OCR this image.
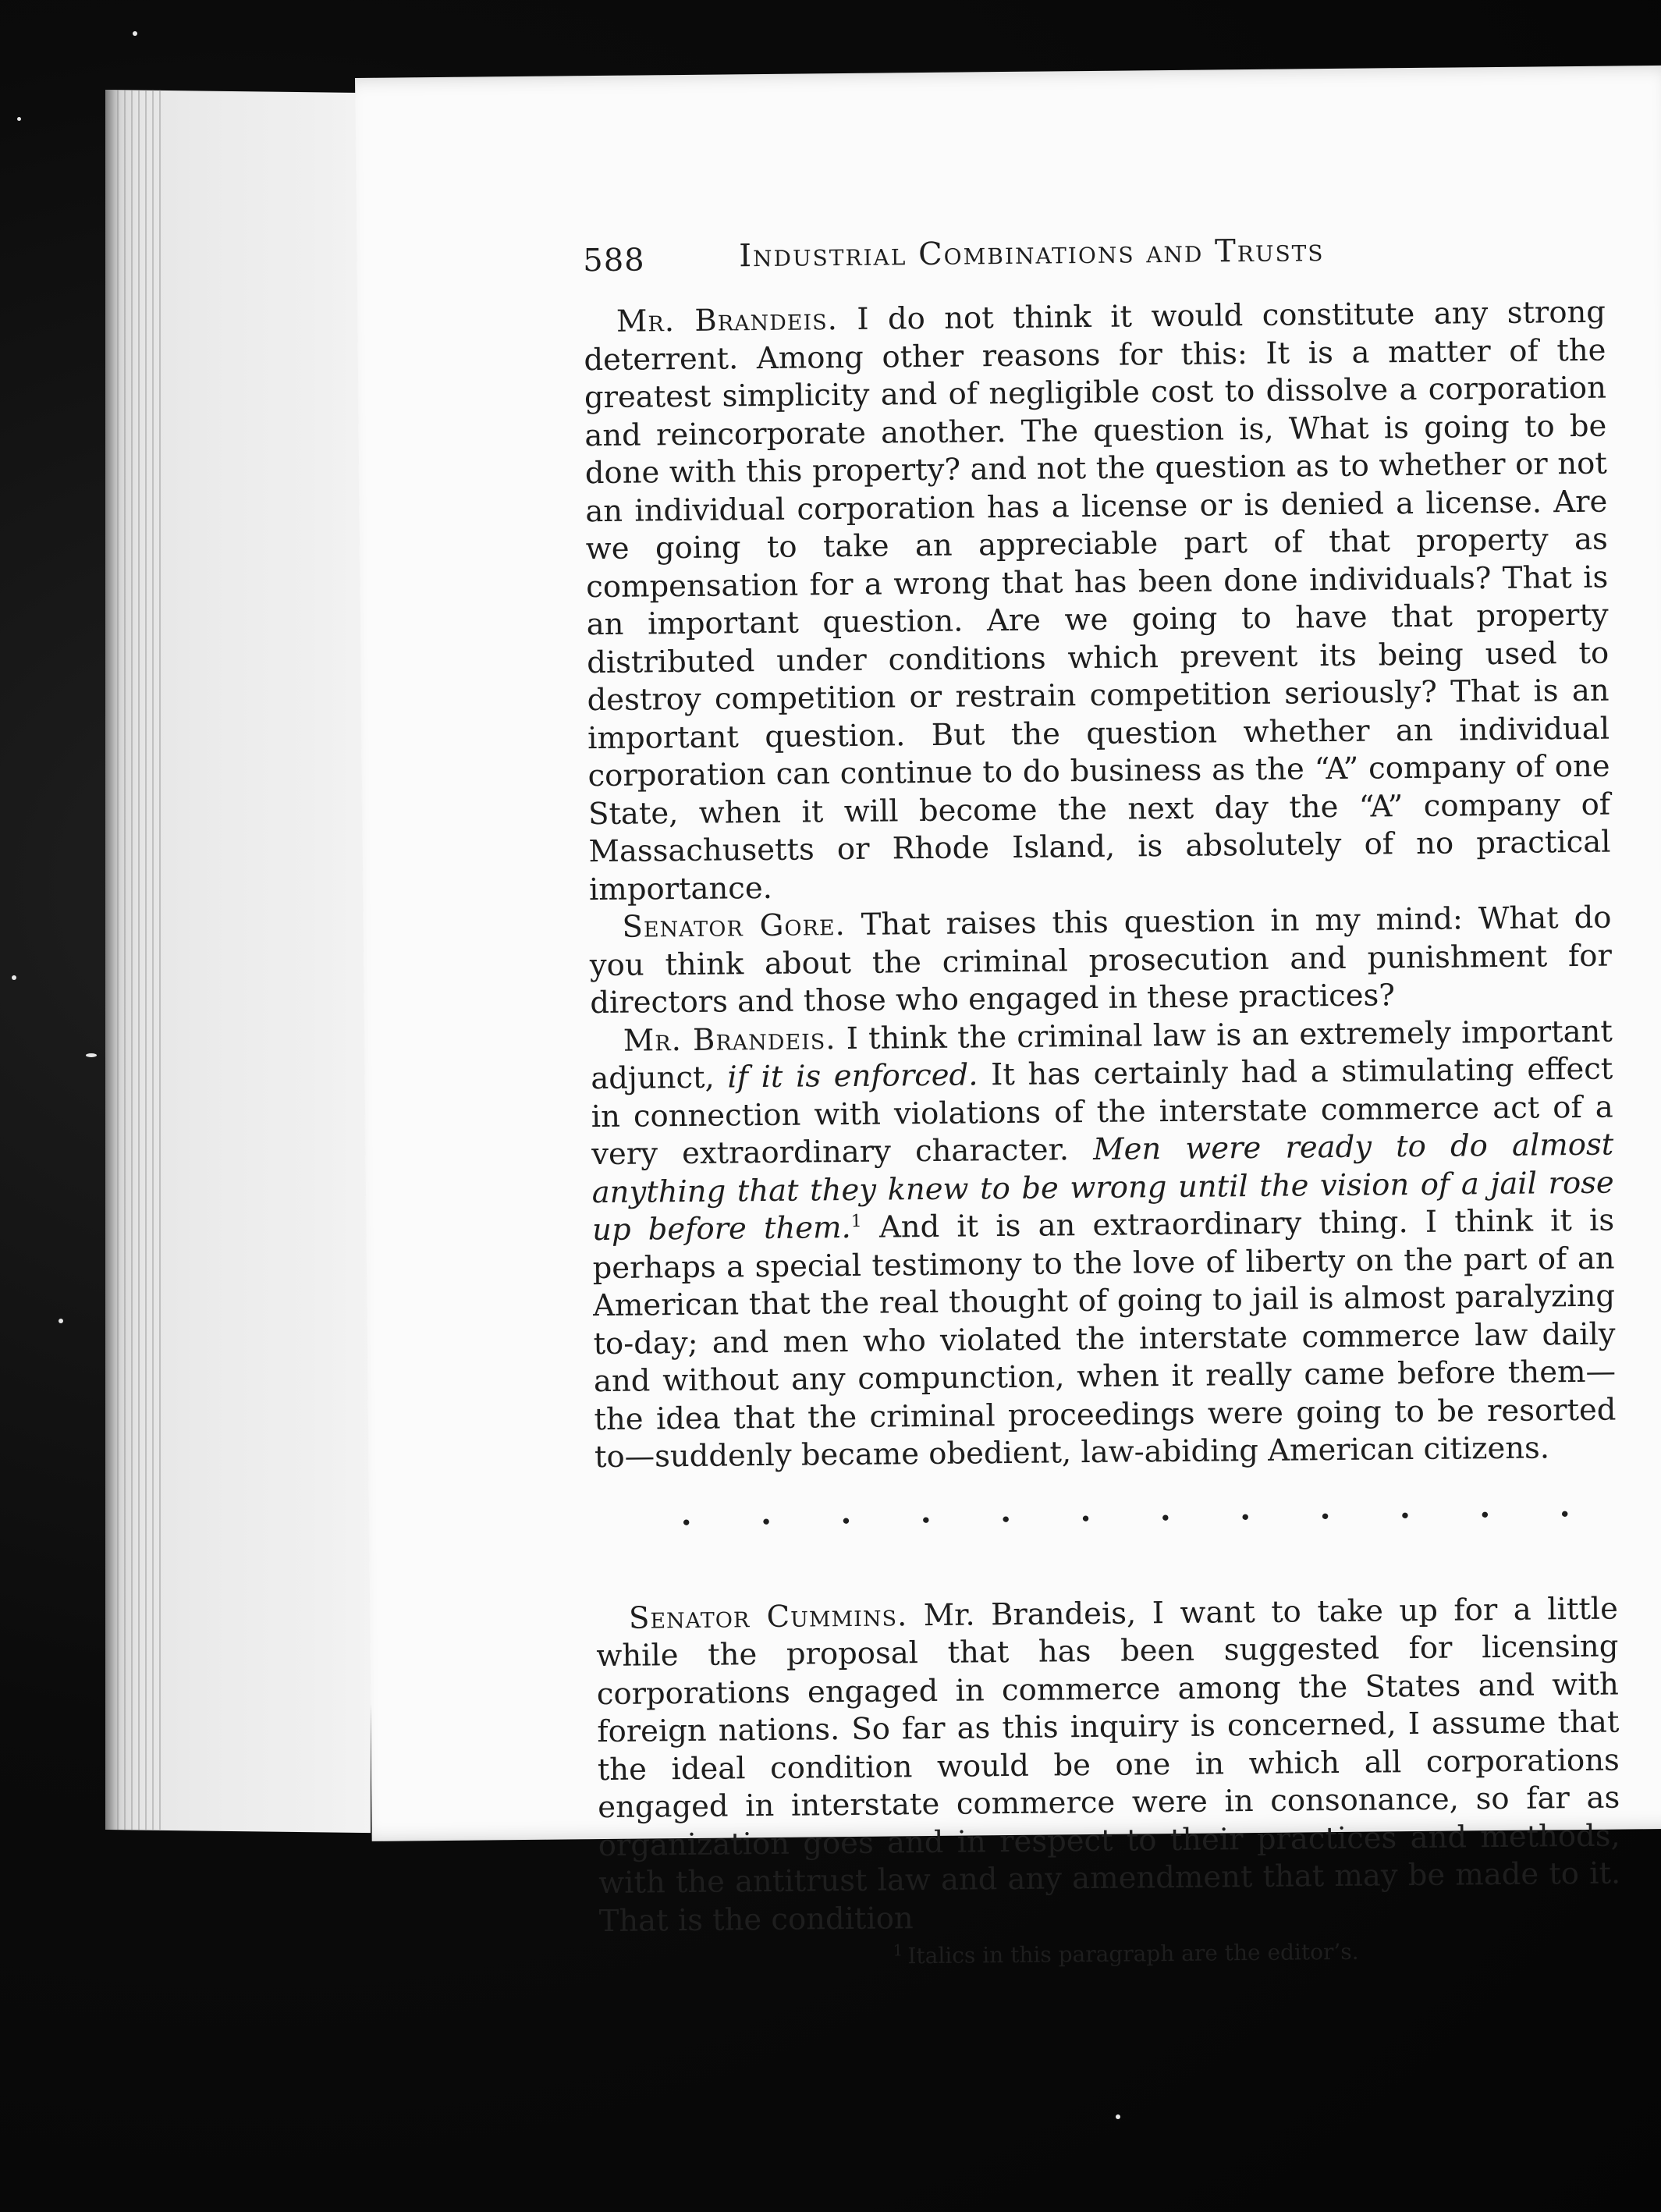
588	Industrial Combinations and Trusts

Mr. Brandeis. I do not think it would constitute any strong deterrent. Among other reasons for this: It is a matter of the greatest simplicity and of negligible cost to dissolve a corporation and reincorporate another. The question is, What is going to be done with this property? and not the question as to whether or not an individual corporation has a license or is denied a license. Are we going to take an appreciable part of that property as compensation for a wrong that has been done individuals? That is an important question. Are we going to have that property distributed under conditions which prevent its being used to destroy competition or restrain competition seriously? That is an important question. But the question whether an individual corporation can continue to do business as the “A” company of one State, when it will become the next day the “A” company of Massachusetts or Rhode Island, is absolutely of no practical importance.

Senator Gore. That raises this question in my mind: What do you think about the criminal prosecution and punishment for directors and those who engaged in these practices?

Mr. Brandeis. I think the criminal law is an extremely important adjunct, if it is enforced. It has certainly had a stimulating effect in connection with violations of the interstate commerce act of a very extraordinary character. Men were ready to do almost anything that they knew to be wrong until the vision of a jail rose up before them.$^1$ And it is an extraordinary thing. I think it is perhaps a special testimony to the love of liberty on the part of an American that the real thought of going to jail is almost paralyzing to-day; and men who violated the interstate commerce law daily and without any compunction, when it really came before them—the idea that the criminal proceedings were going to be resorted to—suddenly became obedient, law-abiding American citizens.

· · · · · · · · · · · ·

Senator Cummins. Mr. Brandeis, I want to take up for a little while the proposal that has been suggested for licensing corporations engaged in commerce among the States and with foreign nations. So far as this inquiry is concerned, I assume that the ideal condition would be one in which all corporations engaged in interstate commerce were in consonance, so far as organization goes and in respect to their practices and methods, with the antitrust law and any amendment that may be made to it. That is the condition

$^1$ Italics in this paragraph are the editor’s.
